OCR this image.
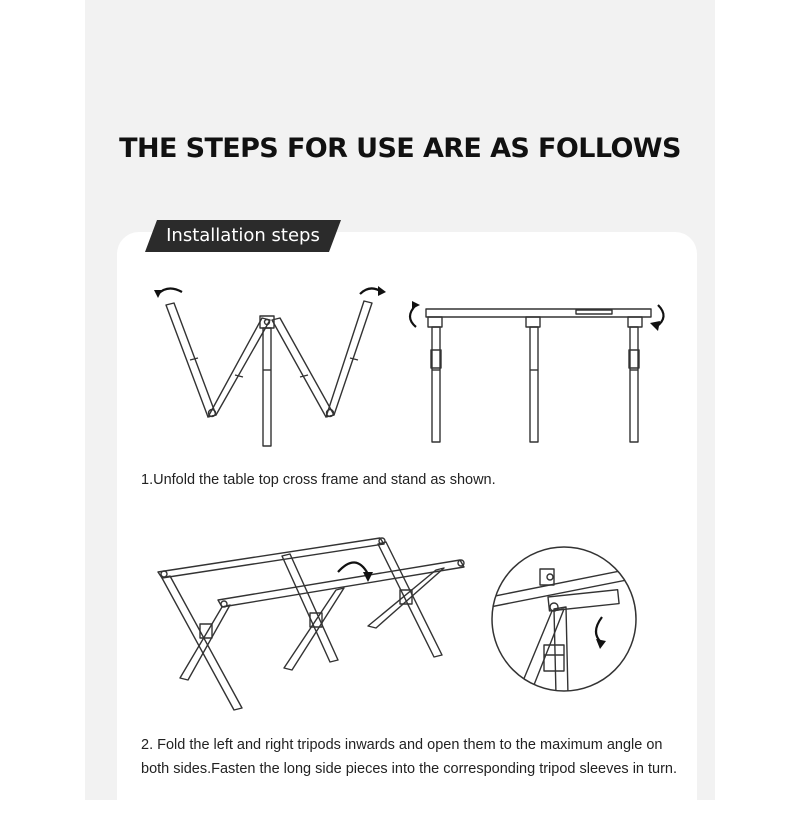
THE STEPS FOR USE ARE AS FOLLOWS
Installation steps
1.Unfold the table top cross frame and stand as shown.
2. Fold the left and right tripods inwards and open them to the maximum angle on
both sides.Fasten the long side pieces into the corresponding tripod sleeves in turn.
